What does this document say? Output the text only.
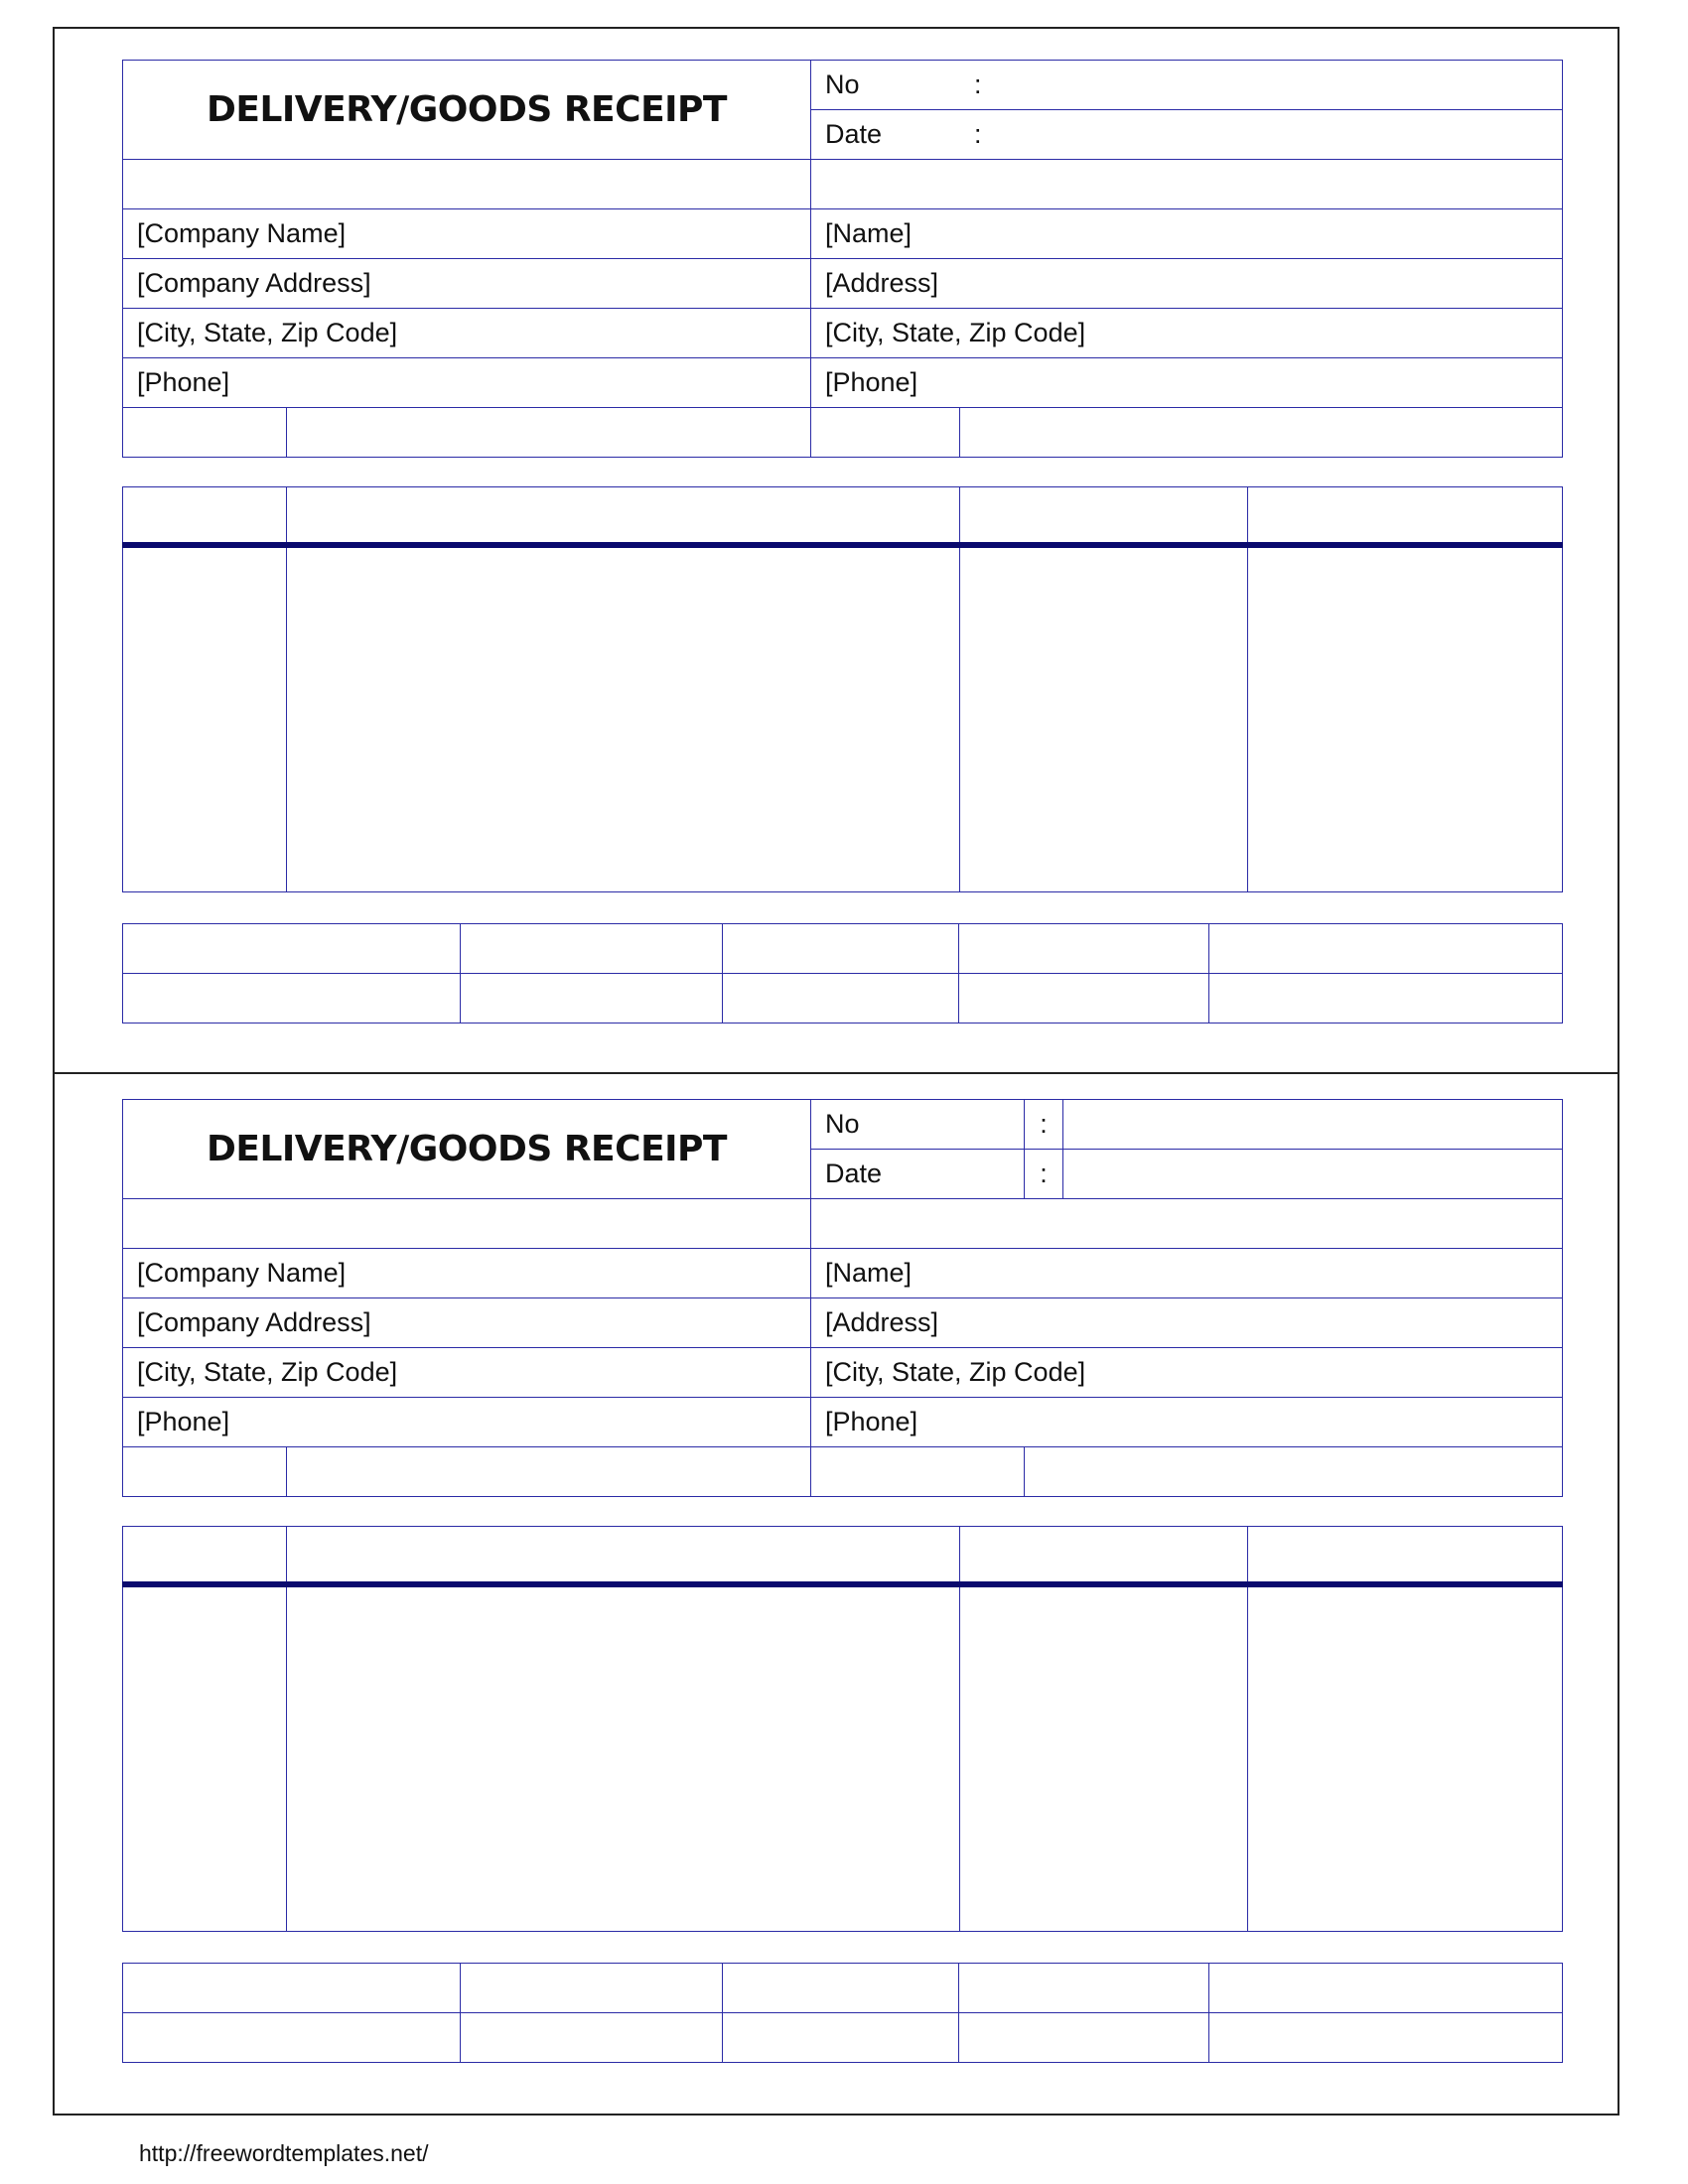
DELIVERY/GOODS RECEIPT		No :	
		Date :	

[Company Name]		[Name]	
[Company Address]		[Address]	
[City, State, Zip Code]		[City, State, Zip Code]	
[Phone]		[Phone]	

DELIVERY/GOODS RECEIPT		No	:	
		Date	:	

[Company Name]		[Name]		
[Company Address]		[Address]		
[City, State, Zip Code]		[City, State, Zip Code]		
[Phone]		[Phone]		

http://freewordtemplates.net/
